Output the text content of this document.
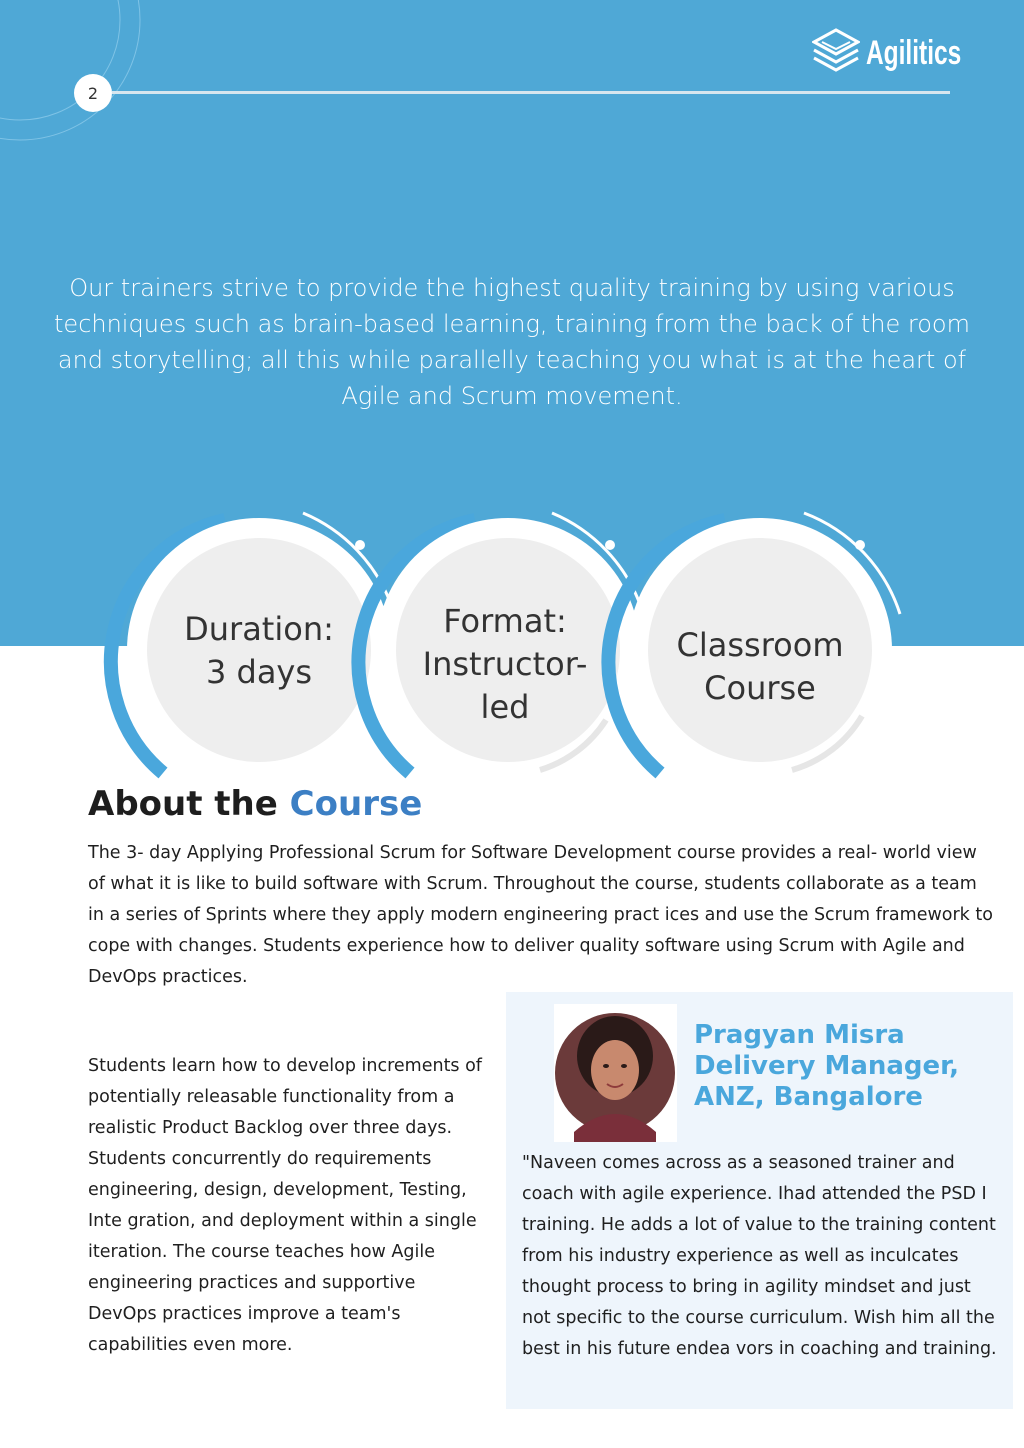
2
Agilitics

Our trainers strive to provide the highest quality training by using various techniques such as brain-based learning, training from the back of the room and storytelling; all this while parallelly teaching you what is at the heart of Agile and Scrum movement.

Duration:
3 days
Format:
Instructor-
led
Classroom
Course
About the Course

The 3- day Applying Professional Scrum for Software Development course provides a real- world view of what it is like to build software with Scrum. Throughout the course, students collaborate as a team in a series of Sprints where they apply modern engineering pract ices and use the Scrum framework to cope with changes. Students experience how to deliver quality software using Scrum with Agile and DevOps practices.

Students learn how to develop increments of potentially releasable functionality from a realistic Product Backlog over three days. Students concurrently do requirements engineering, design, development, Testing, Inte gration, and deployment within a single iteration. The course teaches how Agile engineering practices and supportive DevOps practices improve a team's capabilities even more.

Pragyan Misra
Delivery Manager,
ANZ, Bangalore

"Naveen comes across as a seasoned trainer and coach with agile experience. Ihad attended the PSD I training. He adds a lot of value to the training content from his industry experience as well as inculcates thought process to bring in agility mindset and just not specific to the course curriculum. Wish him all the best in his future endea vors in coaching and training.
